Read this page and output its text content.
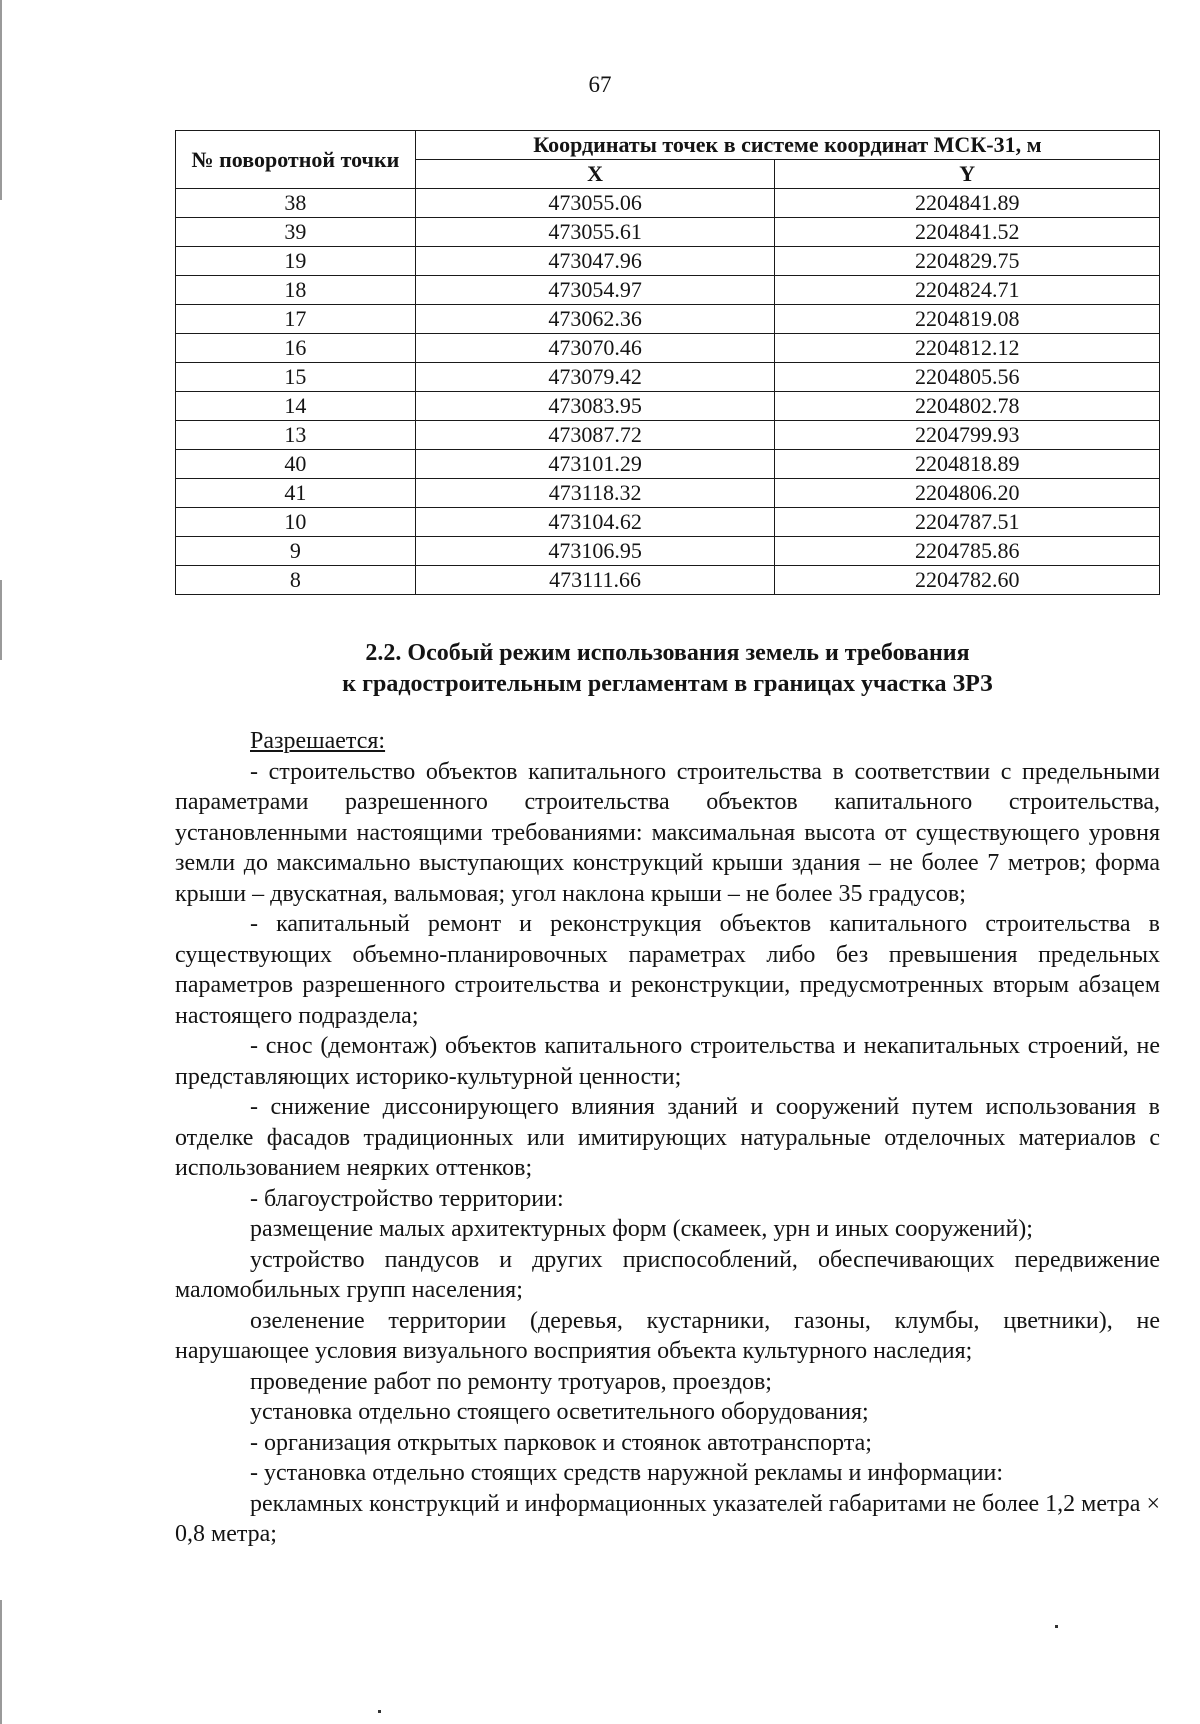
67
№ поворотной точки	Координаты точек в системе координат МСК-31, м	
	X	Y
38	473055.06	2204841.89
39	473055.61	2204841.52
19	473047.96	2204829.75
18	473054.97	2204824.71
17	473062.36	2204819.08
16	473070.46	2204812.12
15	473079.42	2204805.56
14	473083.95	2204802.78
13	473087.72	2204799.93
40	473101.29	2204818.89
41	473118.32	2204806.20
10	473104.62	2204787.51
9	473106.95	2204785.86
8	473111.66	2204782.60
2.2. Особый режим использования земель и требования
к градостроительным регламентам в границах участка ЗРЗ

Разрешается:

- строительство объектов капитального строительства в соответствии с предельными параметрами разрешенного строительства объектов капитального строительства, установленными настоящими требованиями: максимальная высота от существующего уровня земли до максимально выступающих конструкций крыши здания – не более 7 метров; форма крыши – двускатная, вальмовая; угол наклона крыши – не более 35 градусов;

- капитальный ремонт и реконструкция объектов капитального строительства в существующих объемно-планировочных параметрах либо без превышения предельных параметров разрешенного строительства и реконструкции, предусмотренных вторым абзацем настоящего подраздела;

- снос (демонтаж) объектов капитального строительства и некапитальных строений, не представляющих историко-культурной ценности;

- снижение диссонирующего влияния зданий и сооружений путем использования в отделке фасадов традиционных или имитирующих натуральные отделочных материалов с использованием неярких оттенков;

- благоустройство территории:

размещение малых архитектурных форм (скамеек, урн и иных сооружений);

устройство пандусов и других приспособлений, обеспечивающих передвижение маломобильных групп населения;

озеленение территории (деревья, кустарники, газоны, клумбы, цветники), не нарушающее условия визуального восприятия объекта культурного наследия;

проведение работ по ремонту тротуаров, проездов;

установка отдельно стоящего осветительного оборудования;

- организация открытых парковок и стоянок автотранспорта;

- установка отдельно стоящих средств наружной рекламы и информации:

рекламных конструкций и информационных указателей габаритами не более 1,2 метра × 0,8 метра;
